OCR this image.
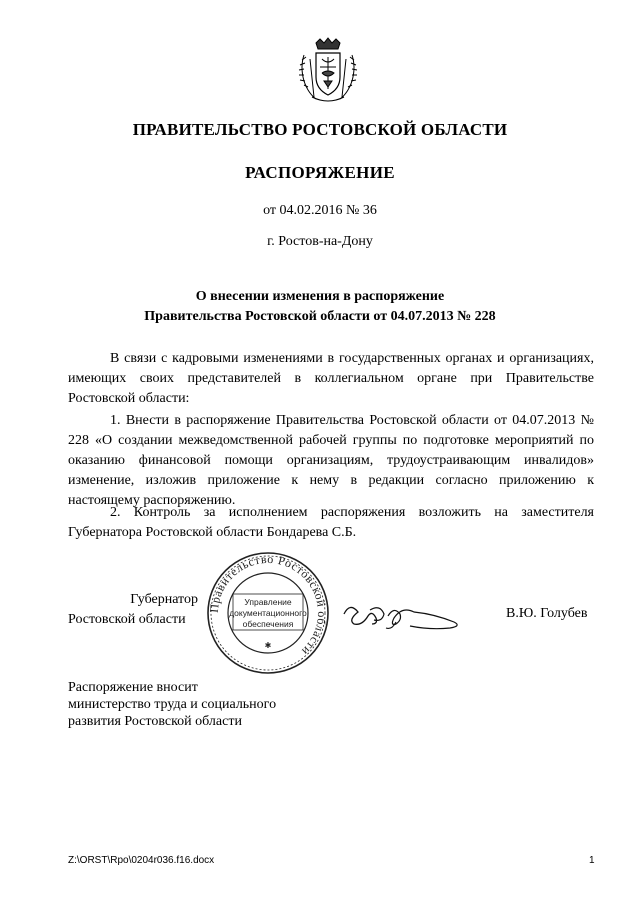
ПРАВИТЕЛЬСТВО РОСТОВСКОЙ ОБЛАСТИ
РАСПОРЯЖЕНИЕ
от 04.02.2016 № 36
г. Ростов-на-Дону
О внесении изменения в распоряжение
Правительства Ростовской области от 04.07.2013 № 228

В связи с кадровыми изменениями в государственных органах и организациях, имеющих своих представителей в коллегиальном органе при Правительстве Ростовской области:

1. Внести в распоряжение Правительства Ростовской области от 04.07.2013 № 228 «О создании межведомственной рабочей группы по подготовке мероприятий по оказанию финансовой помощи организациям, трудоустраивающим инвалидов» изменение, изложив приложение к нему в редакции согласно приложению к настоящему распоряжению.

2. Контроль за исполнением распоряжения возложить на заместителя Губернатора Ростовской области Бондарева С.Б.

Губернатор
Ростовской области
Правительство Ростовской области
Управление
документационного
обеспечения
✱
В.Ю. Голубев
Распоряжение вносит
министерство труда и социального
развития Ростовской области
Z:\ORST\Rpo\0204r036.f16.docx	1
